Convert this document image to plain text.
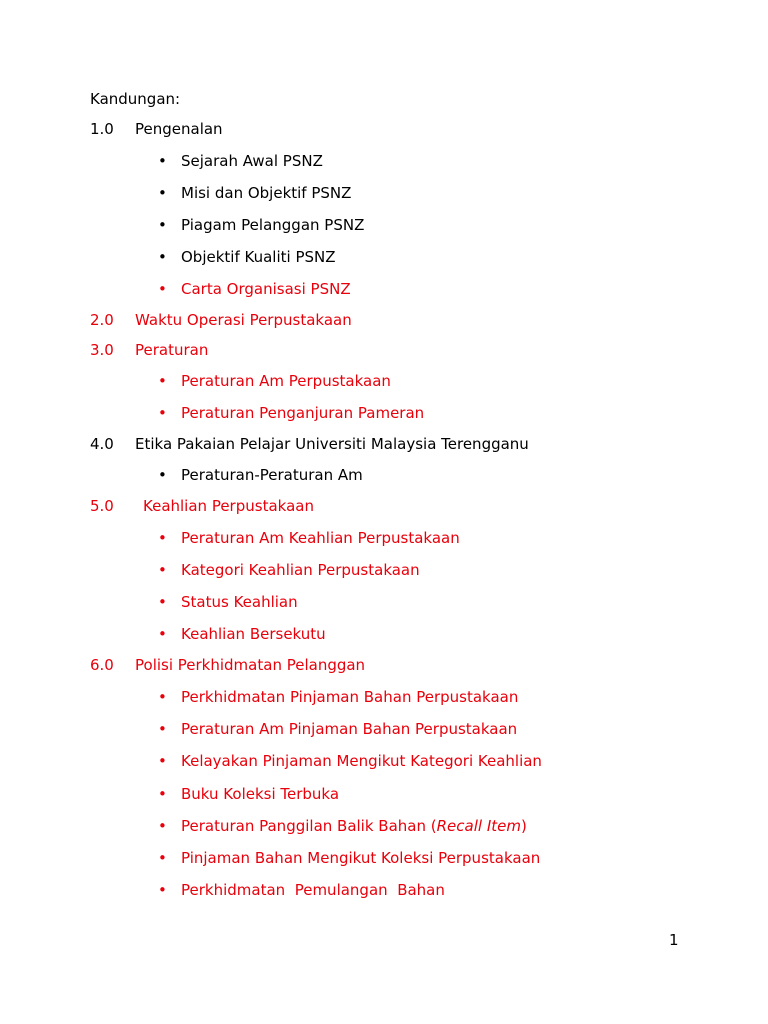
Kandungan:
1.0 Pengenalan
• Sejarah Awal PSNZ
• Misi dan Objektif PSNZ
• Piagam Pelanggan PSNZ
• Objektif Kualiti PSNZ
• Carta Organisasi PSNZ
2.0 Waktu Operasi Perpustakaan
3.0 Peraturan
• Peraturan Am Perpustakaan
• Peraturan Penganjuran Pameran
4.0 Etika Pakaian Pelajar Universiti Malaysia Terengganu
• Peraturan-Peraturan Am
5.0 Keahlian Perpustakaan
• Peraturan Am Keahlian Perpustakaan
• Kategori Keahlian Perpustakaan
• Status Keahlian
• Keahlian Bersekutu
6.0 Polisi Perkhidmatan Pelanggan
• Perkhidmatan Pinjaman Bahan Perpustakaan
• Peraturan Am Pinjaman Bahan Perpustakaan
• Kelayakan Pinjaman Mengikut Kategori Keahlian
• Buku Koleksi Terbuka
• Peraturan Panggilan Balik Bahan (Recall Item)
• Pinjaman Bahan Mengikut Koleksi Perpustakaan
• Perkhidmatan  Pemulangan  Bahan
1
